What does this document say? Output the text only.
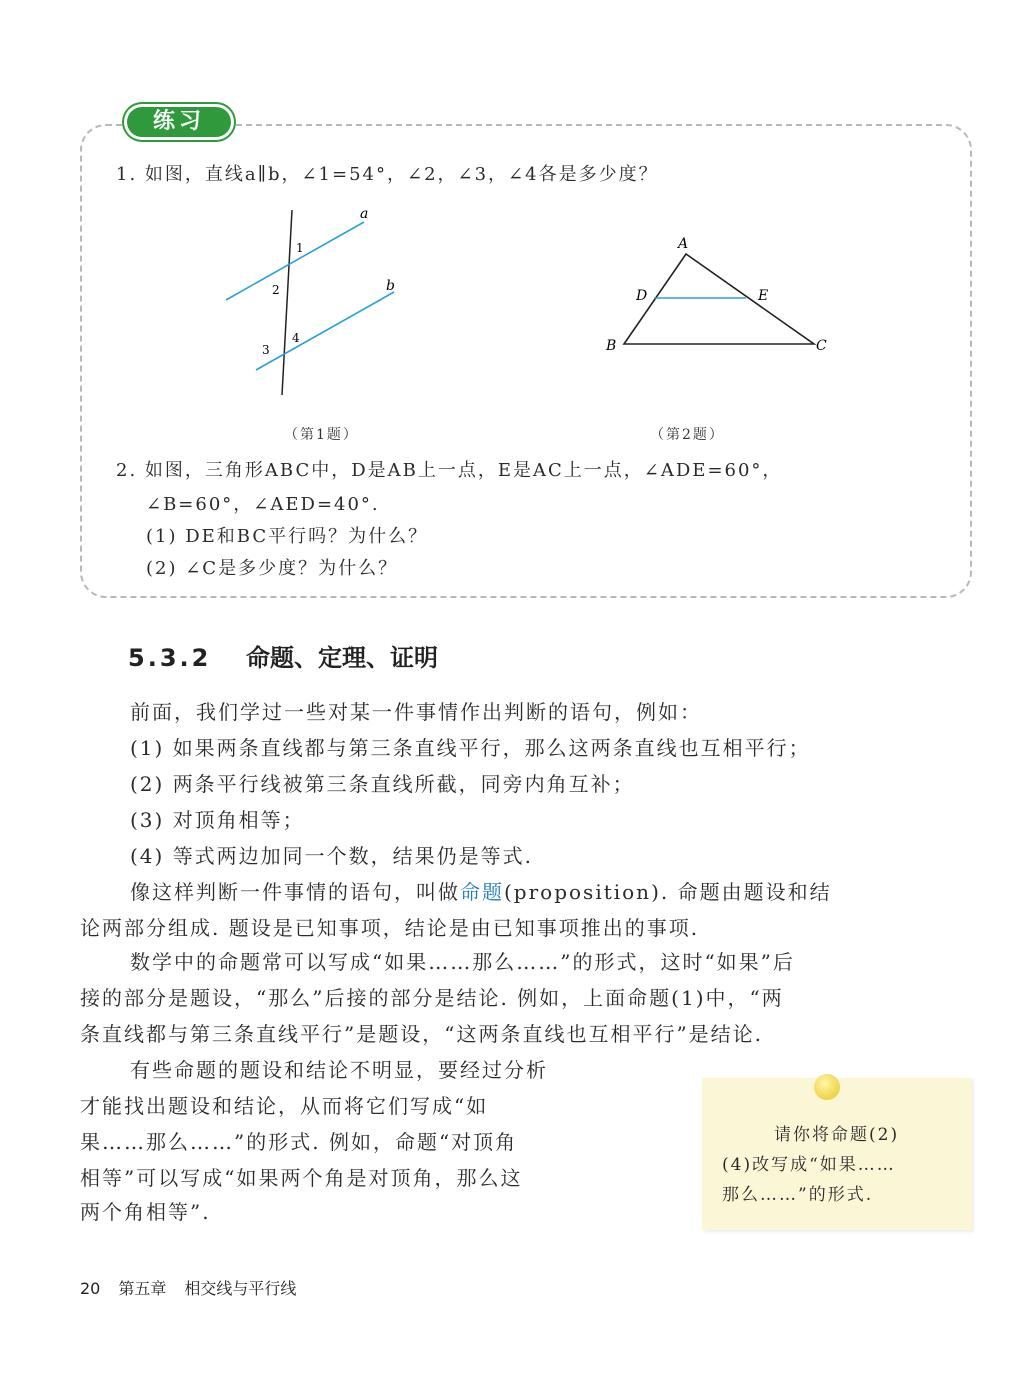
练习
1. 如图，直线a∥b，∠1=54°，∠2，∠3，∠4各是多少度？
a
b
1
2
3
4
（第1题）
A
B	C
D	E
（第2题）
2. 如图，三角形ABC中，D是AB上一点，E是AC上一点，∠ADE=60°，
∠B=60°，∠AED=40°.
(1) DE和BC平行吗？为什么？
(2) ∠C是多少度？为什么？
5.3.2 命题、定理、证明
前面，我们学过一些对某一件事情作出判断的语句，例如：
(1) 如果两条直线都与第三条直线平行，那么这两条直线也互相平行；
(2) 两条平行线被第三条直线所截，同旁内角互补；
(3) 对顶角相等；
(4) 等式两边加同一个数，结果仍是等式.
像这样判断一件事情的语句，叫做命题(proposition). 命题由题设和结
论两部分组成. 题设是已知事项，结论是由已知事项推出的事项.
数学中的命题常可以写成“如果……那么……”的形式，这时“如果”后
接的部分是题设，“那么”后接的部分是结论. 例如，上面命题(1)中，“两
条直线都与第三条直线平行”是题设，“这两条直线也互相平行”是结论.
有些命题的题设和结论不明显，要经过分析
才能找出题设和结论，从而将它们写成“如
果……那么……”的形式. 例如，命题“对顶角
相等”可以写成“如果两个角是对顶角，那么这
两个角相等”.
请你将命题(2)
(4)改写成“如果……
那么……”的形式.
20 第五章 相交线与平行线
